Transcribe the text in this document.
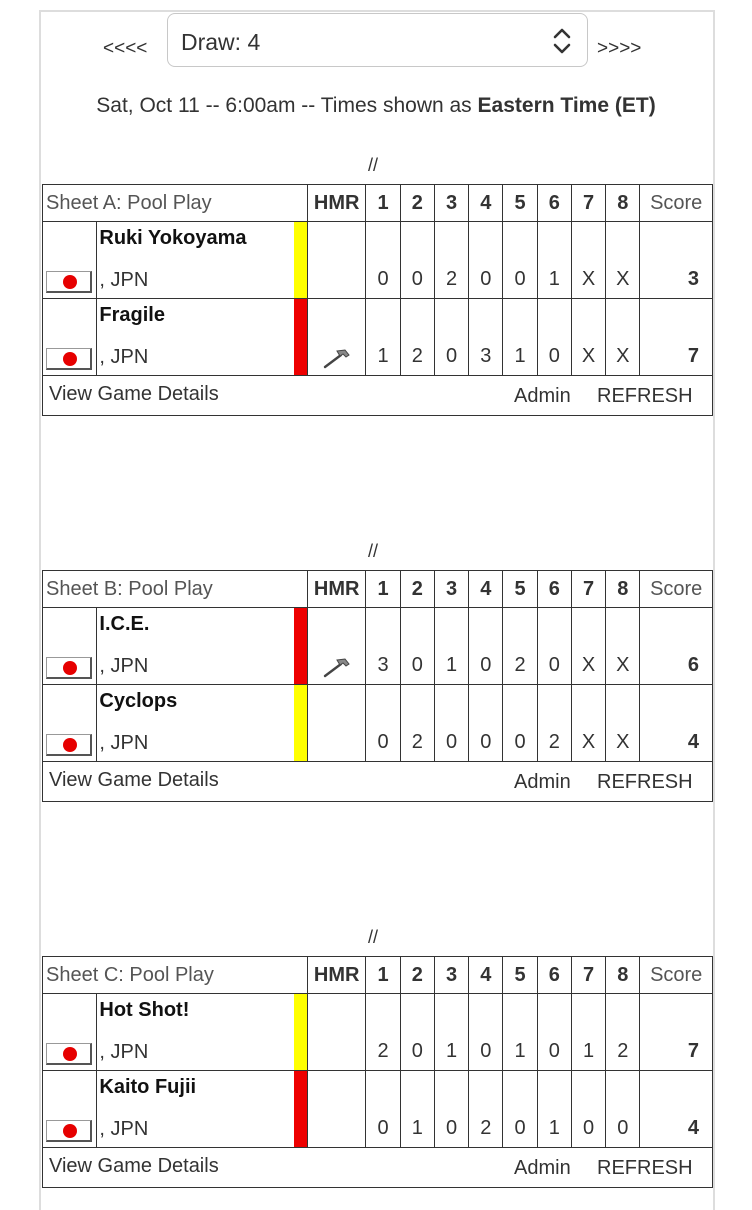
<<<<	Draw: 4	>>>>
Sat, Oct 11 -- 6:00am -- Times shown as Eastern Time (ET)
//
Sheet A: Pool Play			HMR	1	2	3	4	5	6	7	8	Score

	Ruki Yokoyama
, JPN			0	0	2	0	0	1	X	X	3

	Fragile
, JPN			1	2	0	3	1	0	X	X	7

View Game Details Admin REFRESH												
//
Sheet B: Pool Play			HMR	1	2	3	4	5	6	7	8	Score

	I.C.E.
, JPN			3	0	1	0	2	0	X	X	6

	Cyclops
, JPN			0	2	0	0	0	2	X	X	4

View Game Details Admin REFRESH												
//
Sheet C: Pool Play			HMR	1	2	3	4	5	6	7	8	Score

	Hot Shot!
, JPN			2	0	1	0	1	0	1	2	7

	Kaito Fujii
, JPN			0	1	0	2	0	1	0	0	4

View Game Details Admin REFRESH												
